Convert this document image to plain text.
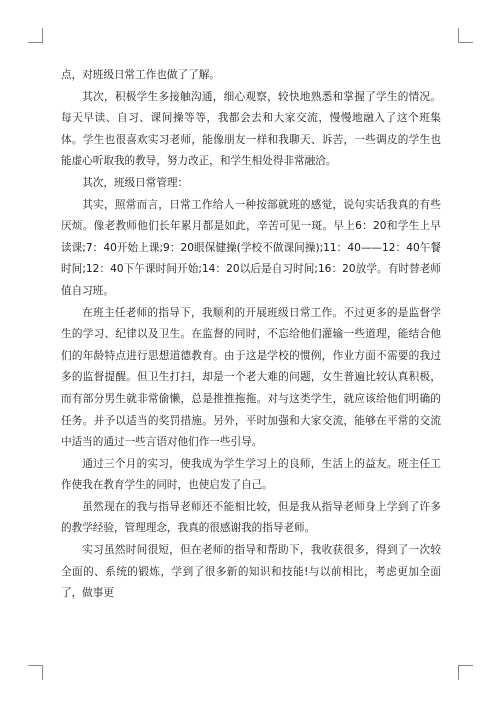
点，对班级日常工作也做了了解。

其次，积极学生多接触沟通，细心观察，较快地熟悉和掌握了学生的情况。每天早读、自习、课间操等等，我都会去和大家交流，慢慢地融入了这个班集体。学生也很喜欢实习老师，能像朋友一样和我聊天、诉苦，一些调皮的学生也能虚心听取我的教导，努力改正，和学生相处得非常融洽。

其次，班级日常管理：

其实，照常而言，日常工作给人一种按部就班的感觉，说句实话我真的有些厌烦。像老教师他们长年累月都是如此，辛苦可见一斑。早上6：20和学生上早读课;7：40开始上课;9：20眼保健操(学校不做课间操);11：40——12：40午餐时间;12：40下午课时间开始;14：20以后是自习时间;16：20放学。有时替老师值自习班。

在班主任老师的指导下，我顺利的开展班级日常工作。不过更多的是监督学生的学习、纪律以及卫生。在监督的同时，不忘给他们灌输一些道理，能结合他们的年龄特点进行思想道德教育。由于这是学校的惯例，作业方面不需要的我过多的监督提醒。但卫生打扫，却是一个老大难的问题，女生普遍比较认真积极，而有部分男生就非常偷懒，总是推推拖拖。对与这类学生，就应该给他们明确的任务。并予以适当的奖罚措施。另外，平时加强和大家交流，能够在平常的交流中适当的通过一些言语对他们作一些引导。

通过三个月的实习，使我成为学生学习上的良师，生活上的益友。班主任工作使我在教育学生的同时，也使启发了自己。

虽然现在的我与指导老师还不能相比较，但是我从指导老师身上学到了许多的教学经验，管理理念，我真的很感谢我的指导老师。

实习虽然时间很短，但在老师的指导和帮助下，我收获很多，得到了一次较全面的、系统的锻炼，学到了很多新的知识和技能!与以前相比，考虑更加全面了，做事更
